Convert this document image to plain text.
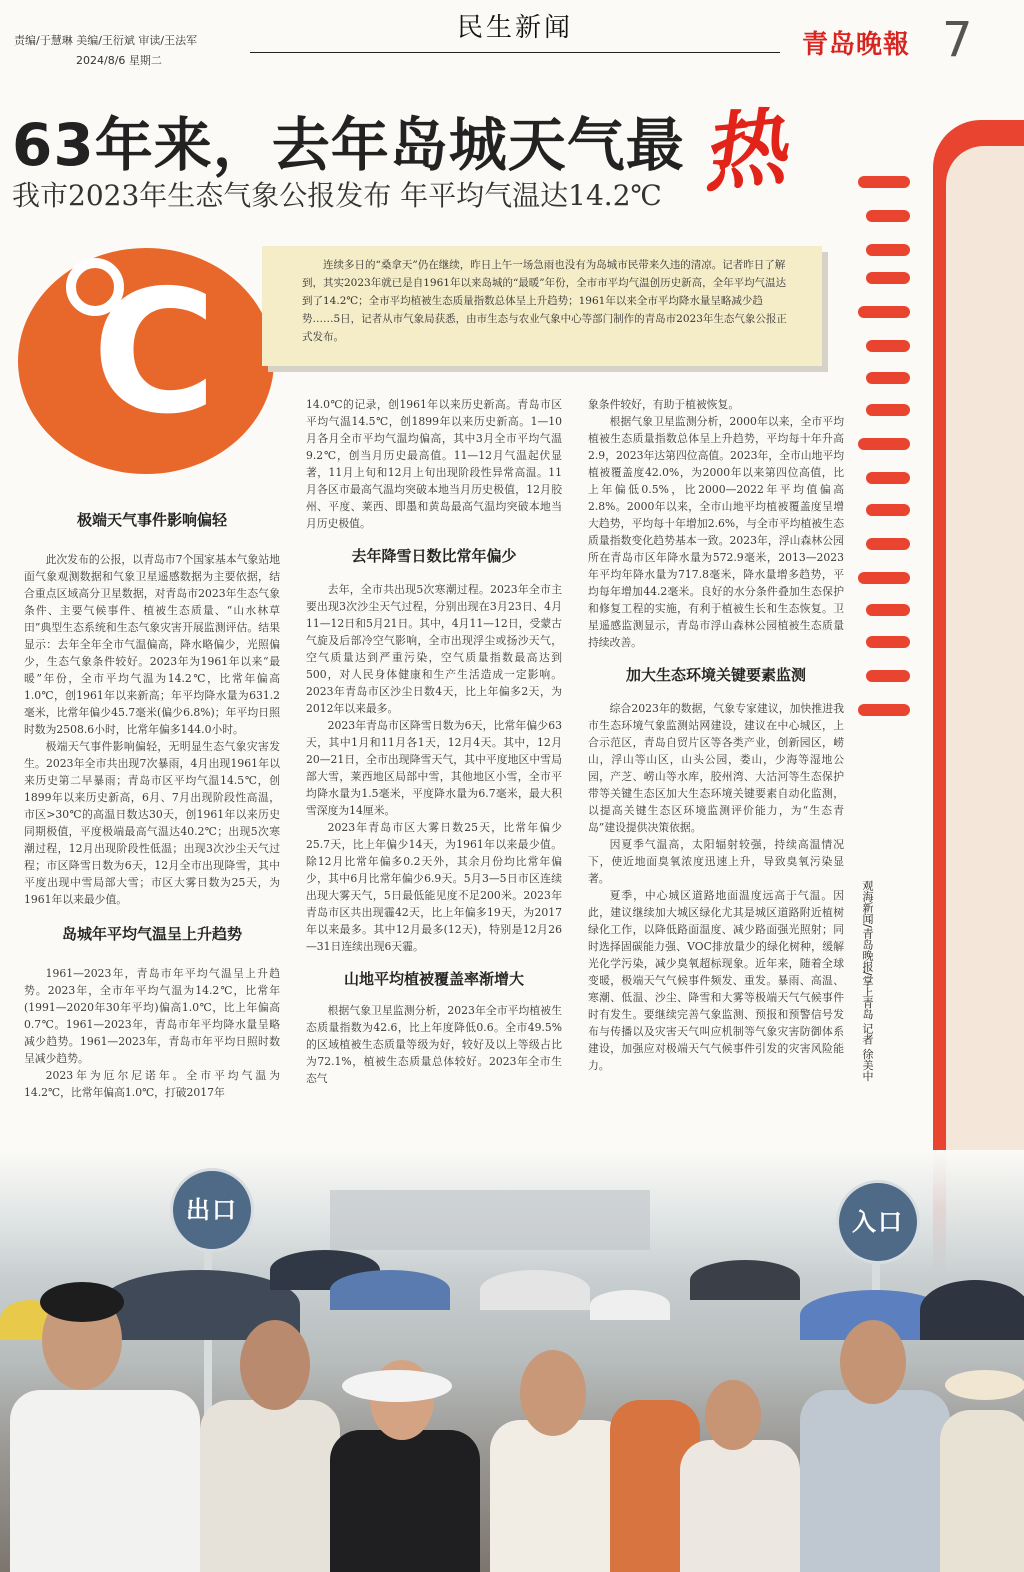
责编/于慧琳 美编/王衍斌 审读/王法军
2024/8/6 星期二
民生新闻
青岛晚報 7
63年来，去年岛城天气最 热
我市2023年生态气象公报发布 年平均气温达14.2℃
C	连续多日的“桑拿天”仍在继续，昨日上午一场急雨也没有为岛城市民带来久违的清凉。记者昨日了解到，其实2023年就已是自1961年以来岛城的“最暖”年份，全市市平均气温创历史新高，全年平均气温达到了14.2℃；全市平均植被生态质量指数总体呈上升趋势；1961年以来全市平均降水量呈略减少趋势……5日，记者从市气象局获悉，由市生态与农业气象中心等部门制作的青岛市2023年生态气象公报正式发布。
极端天气事件影响偏轻

此次发布的公报，以青岛市7个国家基本气象站地面气象观测数据和气象卫星遥感数据为主要依据，结合重点区域高分卫星数据，对青岛市2023年生态气象条件、主要气候事件、植被生态质量、“山水林草田”典型生态系统和生态气象灾害开展监测评估。结果显示：去年全年全市气温偏高，降水略偏少，光照偏少，生态气象条件较好。2023年为1961年以来“最暖”年份，全市平均气温为14.2℃，比常年偏高1.0℃，创1961年以来新高；年平均降水量为631.2毫米，比常年偏少45.7毫米(偏少6.8%)；年平均日照时数为2508.6小时，比常年偏多144.0小时。

极端天气事件影响偏轻，无明显生态气象灾害发生。2023年全市共出现7次暴雨，4月出现1961年以来历史第二早暴雨；青岛市区平均气温14.5℃，创1899年以来历史新高，6月、7月出现阶段性高温，市区>30℃的高温日数达30天，创1961年以来历史同期极值，平度极端最高气温达40.2℃；出现5次寒潮过程，12月出现阶段性低温；出现3次沙尘天气过程；市区降雪日数为6天，12月全市出现降雪，其中平度出现中雪局部大雪；市区大雾日数为25天，为1961年以来最少值。

岛城年平均气温呈上升趋势

1961—2023年，青岛市年平均气温呈上升趋势。2023年，全市年平均气温为14.2℃，比常年(1991—2020年30年平均)偏高1.0℃，比上年偏高0.7℃。1961—2023年，青岛市年平均降水量呈略减少趋势。1961—2023年，青岛市年平均日照时数呈减少趋势。

2023年为厄尔尼诺年。全市平均气温为14.2℃，比常年偏高1.0℃，打破2017年

14.0℃的记录，创1961年以来历史新高。青岛市区平均气温14.5℃，创1899年以来历史新高。1—10月各月全市平均气温均偏高，其中3月全市平均气温9.2℃，创当月历史最高值。11—12月气温起伏显著，11月上旬和12月上旬出现阶段性异常高温。11月各区市最高气温均突破本地当月历史极值，12月胶州、平度、莱西、即墨和黄岛最高气温均突破本地当月历史极值。

去年降雪日数比常年偏少

去年，全市共出现5次寒潮过程。2023年全市主要出现3次沙尘天气过程，分别出现在3月23日、4月11—12日和5月21日。其中，4月11—12日，受蒙古气旋及后部冷空气影响，全市出现浮尘或扬沙天气，空气质量达到严重污染，空气质量指数最高达到500，对人民身体健康和生产生活造成一定影响。2023年青岛市区沙尘日数4天，比上年偏多2天，为2012年以来最多。

2023年青岛市区降雪日数为6天，比常年偏少63天，其中1月和11月各1天，12月4天。其中，12月20—21日，全市出现降雪天气，其中平度地区中雪局部大雪，莱西地区局部中雪，其他地区小雪，全市平均降水量为1.5毫米，平度降水量为6.7毫米，最大积雪深度为14厘米。

2023年青岛市区大雾日数25天，比常年偏少25.7天，比上年偏少14天，为1961年以来最少值。除12月比常年偏多0.2天外，其余月份均比常年偏少，其中6月比常年偏少6.9天。5月3—5日市区连续出现大雾天气，5日最低能见度不足200米。2023年青岛市区共出现霾42天，比上年偏多19天，为2017年以来最多。其中12月最多(12天)，特别是12月26—31日连续出现6天霾。

山地平均植被覆盖率渐增大

根据气象卫星监测分析，2023年全市平均植被生态质量指数为42.6，比上年度降低0.6。全市49.5%的区域植被生态质量等级为好，较好及以上等级占比为72.1%，植被生态质量总体较好。2023年全市生态气

象条件较好，有助于植被恢复。

根据气象卫星监测分析，2000年以来，全市平均植被生态质量指数总体呈上升趋势，平均每十年升高2.9，2023年达第四位高值。2023年，全市山地平均植被覆盖度42.0%，为2000年以来第四位高值，比上年偏低0.5%，比2000—2022年平均值偏高2.8%。2000年以来，全市山地平均植被覆盖度呈增大趋势，平均每十年增加2.6%，与全市平均植被生态质量指数变化趋势基本一致。2023年，浮山森林公园所在青岛市区年降水量为572.9毫米，2013—2023年平均年降水量为717.8毫米，降水量增多趋势，平均每年增加44.2毫米。良好的水分条件叠加生态保护和修复工程的实施，有利于植被生长和生态恢复。卫星遥感监测显示，青岛市浮山森林公园植被生态质量持续改善。

加大生态环境关键要素监测

综合2023年的数据，气象专家建议，加快推进我市生态环境气象监测站网建设，建议在中心城区，上合示范区，青岛自贸片区等各类产业，创新园区，崂山，浮山等山区，山头公园，娄山，少海等湿地公园，产芝、崂山等水库，胶州湾、大沽河等生态保护带等关键生态区加大生态环境关键要素自动化监测，以提高关键生态区环境监测评价能力，为“生态青岛”建设提供决策依据。

因夏季气温高，太阳辐射较强，持续高温情况下，使近地面臭氧浓度迅速上升，导致臭氧污染显著。

夏季，中心城区道路地面温度远高于气温。因此，建议继续加大城区绿化尤其是城区道路附近植树绿化工作，以降低路面温度、减少路面强光照射；同时选择固碳能力强、VOC排放量少的绿化树种，缓解光化学污染，减少臭氧超标现象。近年来，随着全球变暖，极端天气气候事件频发、重发。暴雨、高温、寒潮、低温、沙尘、降雪和大雾等极端天气气候事件时有发生。要继续完善气象监测、预报和预警信号发布与传播以及灾害天气叫应机制等气象灾害防御体系建设，加强应对极端天气气候事件引发的灾害风险能力。	观海新闻/青岛晚报/掌上青岛 记者 徐美中
出口	入口
